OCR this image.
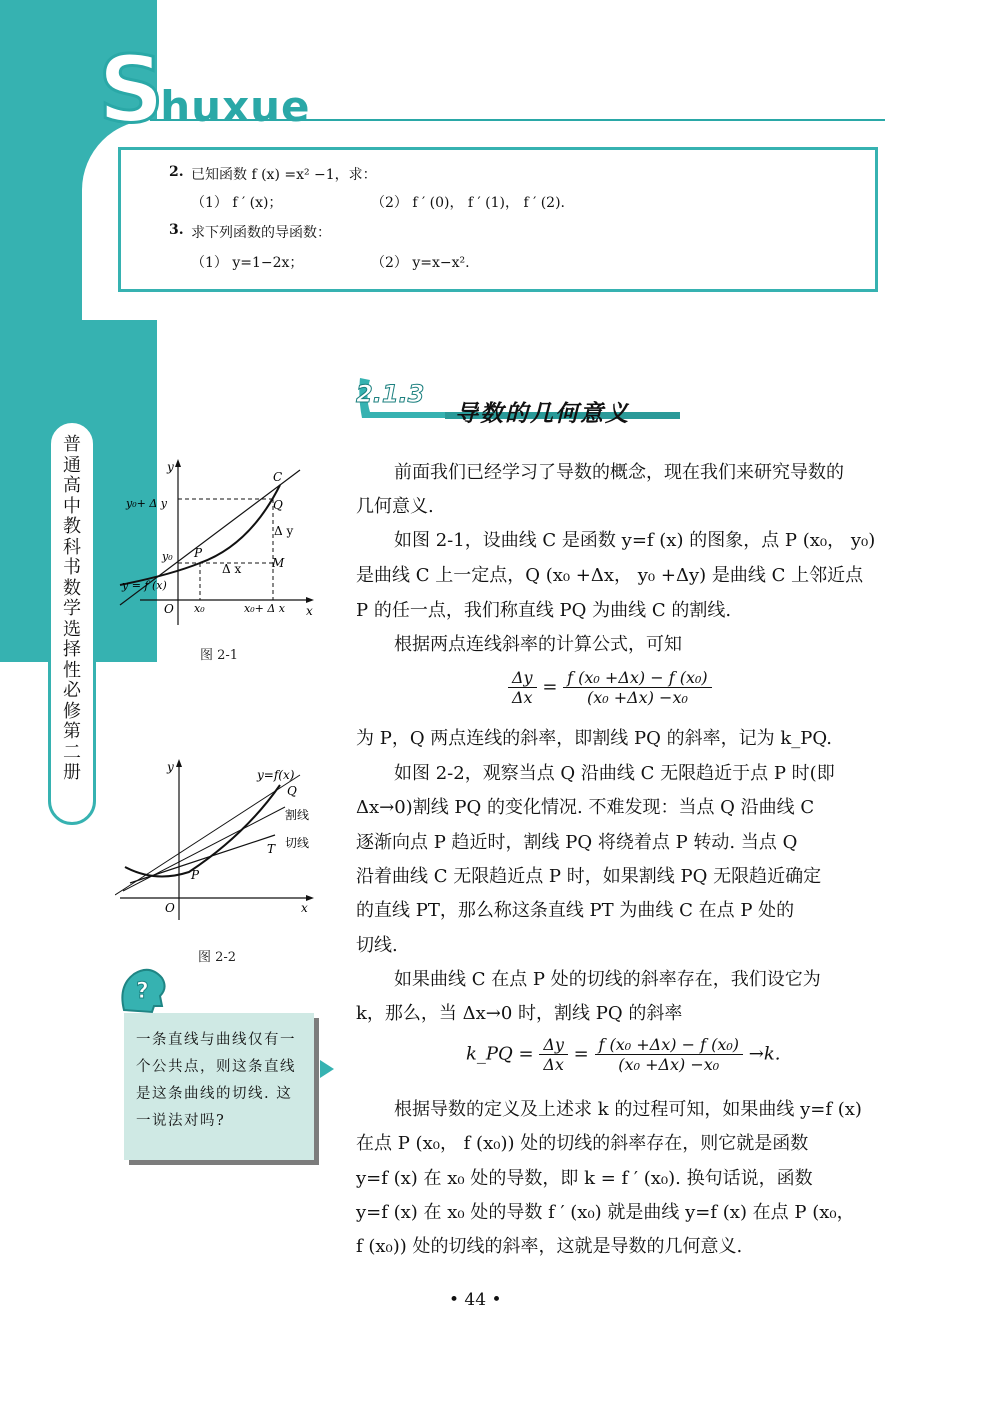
Shuxue
普通高中教科书 数学 选择性必修 第二册
2. 已知函数 f (x) =x² −1，求：
（1） f ′ (x)；	（2） f ′ (0)， f ′ (1)， f ′ (2).
3. 求下列函数的导函数：
（1） y=1−2x；	（2） y=x−x².
2.1.3
导数的几何意义

前面我们已经学习了导数的概念，现在我们来研究导数的

几何意义.

如图 2-1，设曲线 C 是函数 y=f (x) 的图象，点 P (x₀， y₀)

是曲线 C 上一定点，Q (x₀ +Δx， y₀ +Δy) 是曲线 C 上邻近点

P 的任一点，我们称直线 PQ 为曲线 C 的割线.

根据两点连线斜率的计算公式，可知

为 P，Q 两点连线的斜率，即割线 PQ 的斜率，记为 k_PQ.

如图 2-2，观察当点 Q 沿曲线 C 无限趋近于点 P 时(即

Δx→0)割线 PQ 的变化情况. 不难发现：当点 Q 沿曲线 C

逐渐向点 P 趋近时，割线 PQ 将绕着点 P 转动. 当点 Q

沿着曲线 C 无限趋近点 P 时，如果割线 PQ 无限趋近确定

的直线 PT，那么称这条直线 PT 为曲线 C 在点 P 处的

切线.

如果曲线 C 在点 P 处的切线的斜率存在，我们设它为

k，那么，当 Δx→0 时，割线 PQ 的斜率

根据导数的定义及上述求 k 的过程可知，如果曲线 y=f (x)

在点 P (x₀， f (x₀)) 处的切线的斜率存在，则它就是函数

y=f (x) 在 x₀ 处的导数，即 k = f ′ (x₀). 换句话说，函数

y=f (x) 在 x₀ 处的导数 f ′ (x₀) 就是曲线 y=f (x) 在点 P (x₀，

f (x₀)) 处的切线的斜率，这就是导数的几何意义.

$\frac{\Delta y}{\Delta x} = \frac{\text{f (x₀ +Δx) − f (x₀)}}{\text{(x₀ +Δx) −x₀}}$
k_PQ = $\frac{\Delta y}{\Delta x} = \frac{\text{f (x₀ +Δx) − f (x₀)}}{\text{(x₀ +Δx) −x₀}} \to k$.
y
x
O
C
Q
P
M
Δ y
Δ x
y₀+ Δ y
y₀
y = f (x)
x₀	x₀+ Δ x
图 2-1
y
x
O
P
Q
T
y=f(x)
割线
切线
图 2-2
?
一条直线与曲线仅有一个公共点，则这条直线是这条曲线的切线. 这一说法对吗?
• 44 •
